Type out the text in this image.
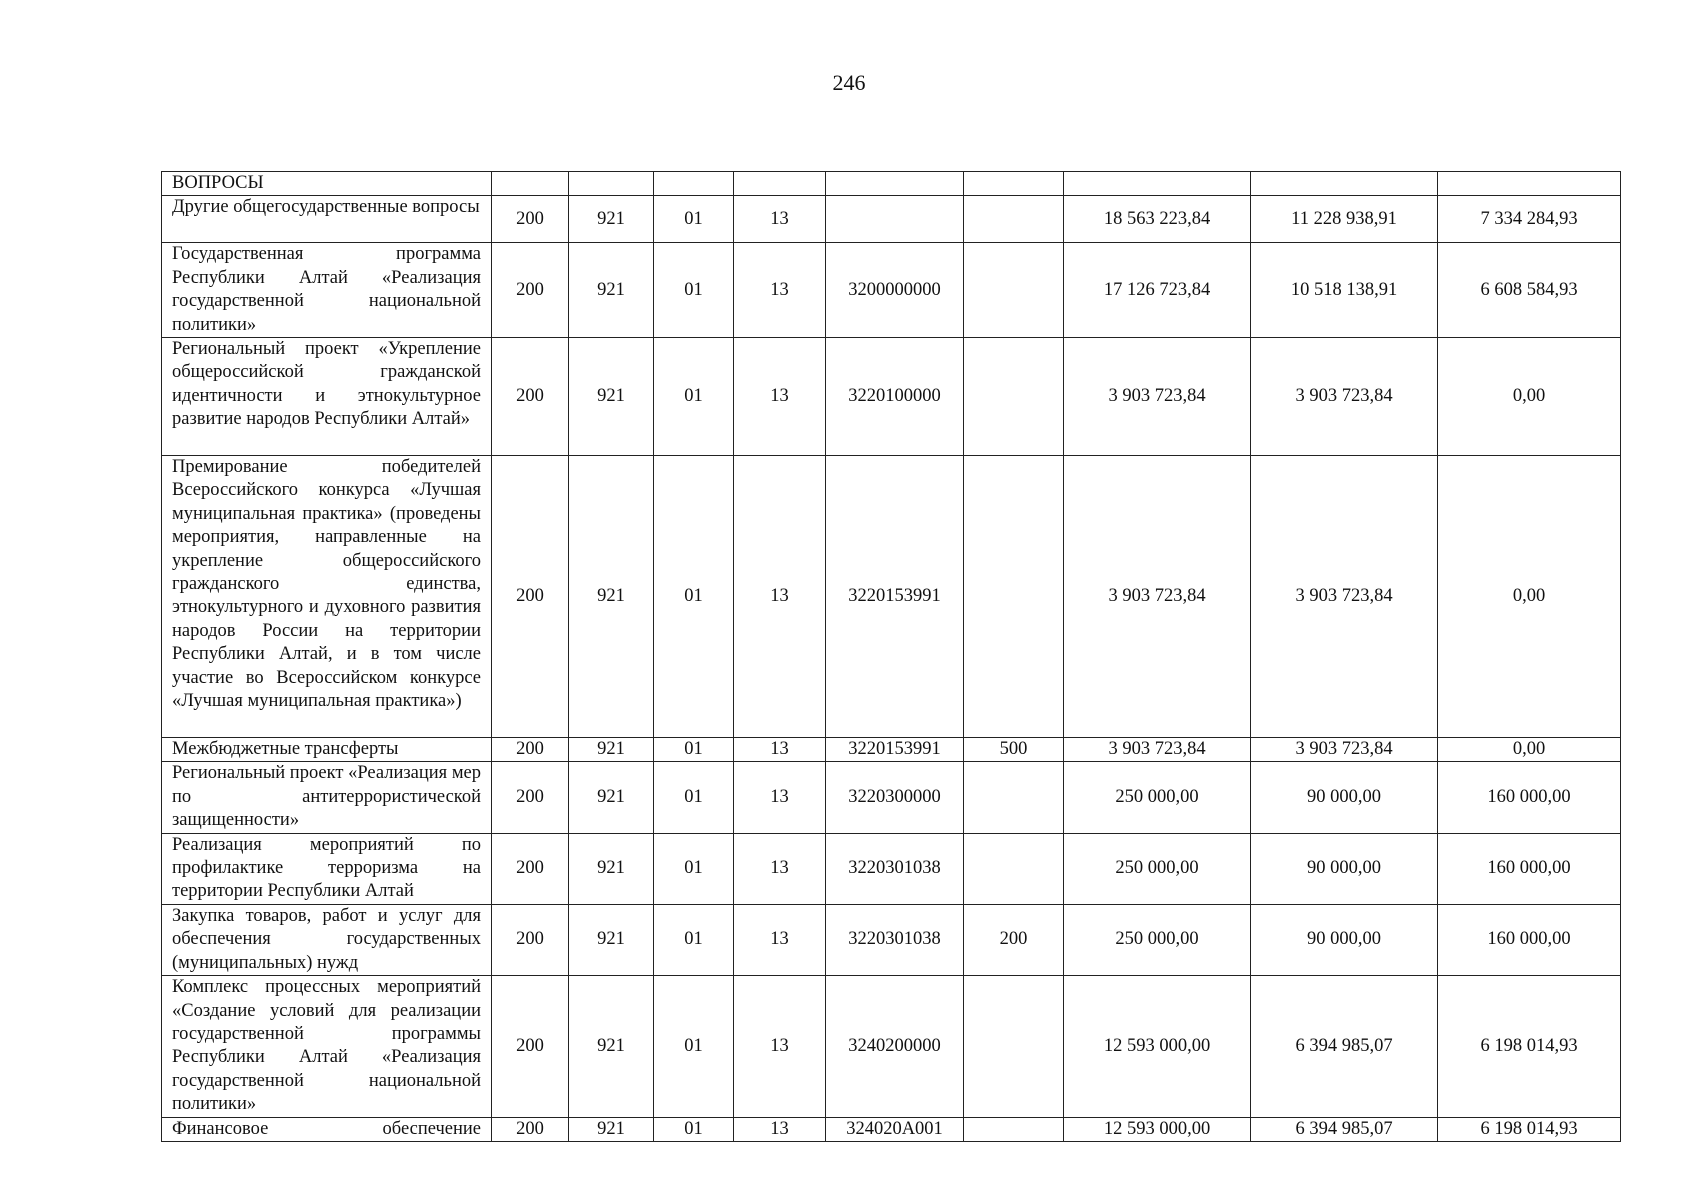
246
ВОПРОСЫ									
Другие общегосударственные вопросы	200	921	01	13			18 563 223,84	11 228 938,91	7 334 284,93
Государственная программа Республики Алтай «Реализация государственной национальной политики»	200	921	01	13	3200000000		17 126 723,84	10 518 138,91	6 608 584,93
Региональный проект «Укрепление общероссийской гражданской идентичности и этнокультурное развитие народов Республики Алтай»	200	921	01	13	3220100000		3 903 723,84	3 903 723,84	0,00
Премирование победителей Всероссийского конкурса «Лучшая муниципальная практика» (проведены мероприятия, направленные на укрепление общероссийского гражданского единства, этнокультурного и духовного развития народов России на территории Республики Алтай, и в том числе участие во Всероссийском конкурсе «Лучшая муниципальная практика»)	200	921	01	13	3220153991		3 903 723,84	3 903 723,84	0,00
Межбюджетные трансферты	200	921	01	13	3220153991	500	3 903 723,84	3 903 723,84	0,00
Региональный проект «Реализация мер по антитеррористической защищенности»	200	921	01	13	3220300000		250 000,00	90 000,00	160 000,00
Реализация мероприятий по профилактике терроризма на территории Республики Алтай	200	921	01	13	3220301038		250 000,00	90 000,00	160 000,00
Закупка товаров, работ и услуг для обеспечения государственных (муниципальных) нужд	200	921	01	13	3220301038	200	250 000,00	90 000,00	160 000,00
Комплекс процессных мероприятий «Создание условий для реализации государственной программы Республики Алтай «Реализация государственной национальной политики»	200	921	01	13	3240200000		12 593 000,00	6 394 985,07	6 198 014,93
Финансовое обеспечение	200	921	01	13	324020А001		12 593 000,00	6 394 985,07	6 198 014,93
